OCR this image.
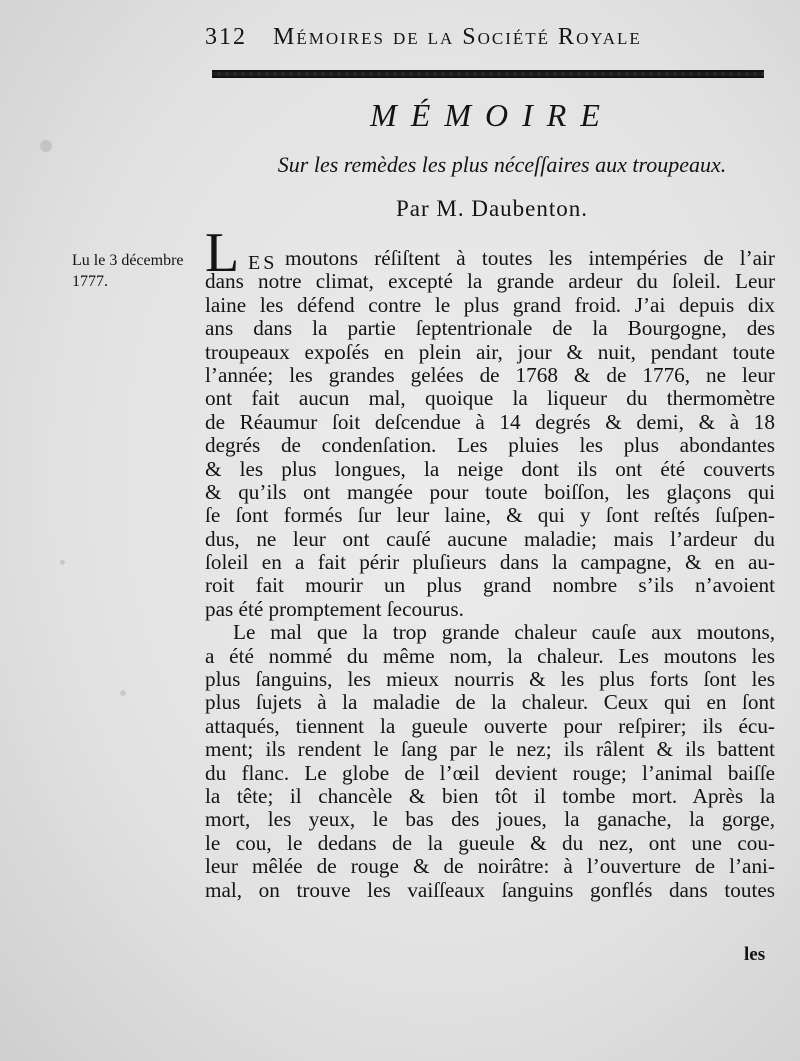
312 Mémoires de la Société Royale
MÉMOIRE
Sur les remèdes les plus néceſſaires aux troupeaux.
Par M. Daubenton.
Lu le 3 décembre
1777.	L ES moutons réſiſtent à toutes les intempéries de l’air
dans notre climat, excepté la grande ardeur du ſoleil. Leur
laine les défend contre le plus grand froid. J’ai depuis dix
ans dans la partie ſeptentrionale de la Bourgogne, des
troupeaux expoſés en plein air, jour & nuit, pendant toute
l’année; les grandes gelées de 1768 & de 1776, ne leur
ont fait aucun mal, quoique la liqueur du thermomètre
de Réaumur ſoit deſcendue à 14 degrés & demi, & à 18
degrés de condenſation. Les pluies les plus abondantes
& les plus longues, la neige dont ils ont été couverts
& qu’ils ont mangée pour toute boiſſon, les glaçons qui
ſe ſont formés ſur leur laine, & qui y ſont reſtés ſuſpen-
dus, ne leur ont cauſé aucune maladie; mais l’ardeur du
ſoleil en a fait périr pluſieurs dans la campagne, & en au-
roit fait mourir un plus grand nombre s’ils n’avoient
pas été promptement ſecourus.
Le mal que la trop grande chaleur cauſe aux moutons,
a été nommé du même nom, la chaleur. Les moutons les
plus ſanguins, les mieux nourris & les plus forts ſont les
plus ſujets à la maladie de la chaleur. Ceux qui en ſont
attaqués, tiennent la gueule ouverte pour reſpirer; ils écu-
ment; ils rendent le ſang par le nez; ils râlent & ils battent
du flanc. Le globe de l’œil devient rouge; l’animal baiſſe
la tête; il chancèle & bien tôt il tombe mort. Après la
mort, les yeux, le bas des joues, la ganache, la gorge,
le cou, le dedans de la gueule & du nez, ont une cou-
leur mêlée de rouge & de noirâtre: à l’ouverture de l’ani-
mal, on trouve les vaiſſeaux ſanguins gonflés dans toutes
les
